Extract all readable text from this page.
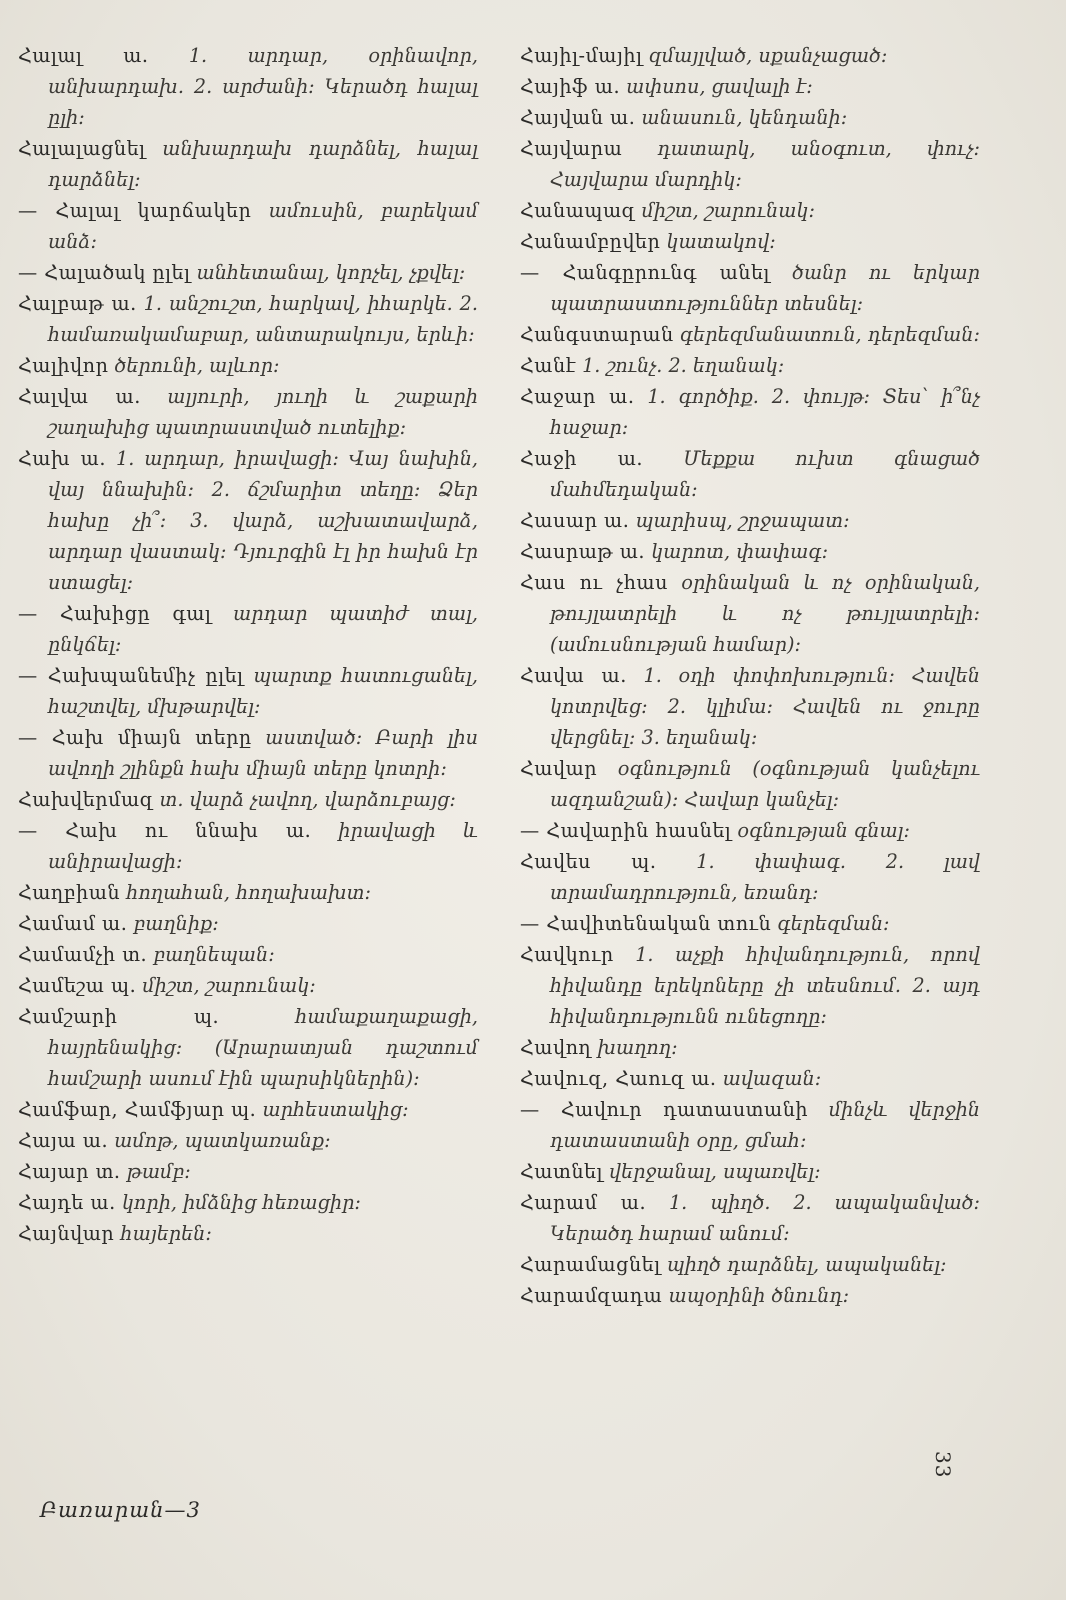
Հալալ ա. 1. արդար, օրինավոր, անխարդախ. 2. արժանի։ Կերածդ հալալ ըլի։

Հալալացնել անխարդախ դարձնել, հալալ դարձնել։

— Հալալ կարճակեր ամուսին, բարեկամ անձ։

— Հալածակ ըլել անհետանալ, կորչել, չքվել։

Հալբաթ ա. 1. անշուշտ, հարկավ, իհարկե. 2. համառակամաբար, անտարակույս, երևի։

Հալիվոր ծերունի, ալևոր։

Հալվա ա. ալյուրի, յուղի և շաքարի շաղախից պատրաստված ուտելիք։

Հախ ա. 1. արդար, իրավացի։ Վայ նախին, վայ ննախին։ 2. ճշմարիտ տեղը։ Ձեր հախը չի՞։ 3. վարձ, աշխատավարձ, արդար վաստակ։ Դյուրգին էլ իր հախն էր ստացել։

— Հախիցը գալ արդար պատիժ տալ, ընկճել։

— Հախպանեմիչ ըլել պարտք հատուցանել, հաշտվել, մխթարվել։

— Հախ միայն տերը աստված։ Բարի լիս ավողի շլինքն հախ միայն տերը կոտրի։

Հախվերմազ տ. վարձ չավող, վարձուբայց։

— Հախ ու ննախ ա. իրավացի և անիրավացի։

Հաղբիան հողահան, հողախախտ։

Համամ ա. բաղնիք։

Համամչի տ. բաղնեպան։

Համեշա պ. միշտ, շարունակ։

Համշարի պ. համաքաղաքացի, հայրենակից։ (Արարատյան դաշտում համշարի ասում էին պարսիկներին)։

Համֆար, Համֆյար պ. արհեստակից։

Հայա ա. ամոթ, պատկառանք։

Հայար տ. թամբ։

Հայդե ա. կորի, իմձնից հեռացիր։

Հայնվար հայերեն։

Հայիլ-մայիլ զմայլված, սքանչացած։

Հայիֆ ա. ափսոս, ցավալի է։

Հայվան ա. անասուն, կենդանի։

Հայվարա դատարկ, անօգուտ, փուչ։ Հայվարա մարդիկ։

Հանապազ միշտ, շարունակ։

Հանամբըվեր կատակով։

— Հանգըրունգ անել ծանր ու երկար պատրաստություններ տեսնել։

Հանգստարան գերեզմանատուն, դերեզման։

Հանէ 1. շունչ. 2. եղանակ։

Հաջար ա. 1. գործիք. 2. փույթ։ Տես՝ ի՞նչ հաջար։

Հաջի ա. Մեքքա ուխտ գնացած մահմեդական։

Հասար ա. պարիսպ, շրջապատ։

Հասրաթ ա. կարոտ, փափագ։

Հաս ու չհաս օրինական և ոչ օրինական, թույլատրելի և ոչ թույլատրելի։ (ամուսնության համար)։

Հավա ա. 1. օդի փոփոխություն։ Հավեն կոտրվեց։ 2. կլիմա։ Հավեն ու ջուրը վերցնել։ 3. եղանակ։

Հավար օգնություն (օգնության կանչելու ազդանշան)։ Հավար կանչել։

— Հավարին հասնել օգնության գնալ։

Հավես պ. 1. փափագ. 2. լավ տրամադրություն, եռանդ։

— Հավիտենական տուն գերեզման։

Հավկուր 1. աչքի հիվանդություն, որով հիվանդը երեկոները չի տեսնում. 2. այդ հիվանդությունն ունեցողը։

Հավող խաղող։

Հավուզ, Հաուզ ա. ավազան։

— Հավուր դատաստանի մինչև վերջին դատաստանի օրը, ցմահ։

Հատնել վերջանալ, սպառվել։

Հարամ ա. 1. պիղծ. 2. ապականված։ Կերածդ հարամ անում։

Հարամացնել պիղծ դարձնել, ապականել։

Հարամզադա ապօրինի ծնունդ։

33
Բառարան—3
